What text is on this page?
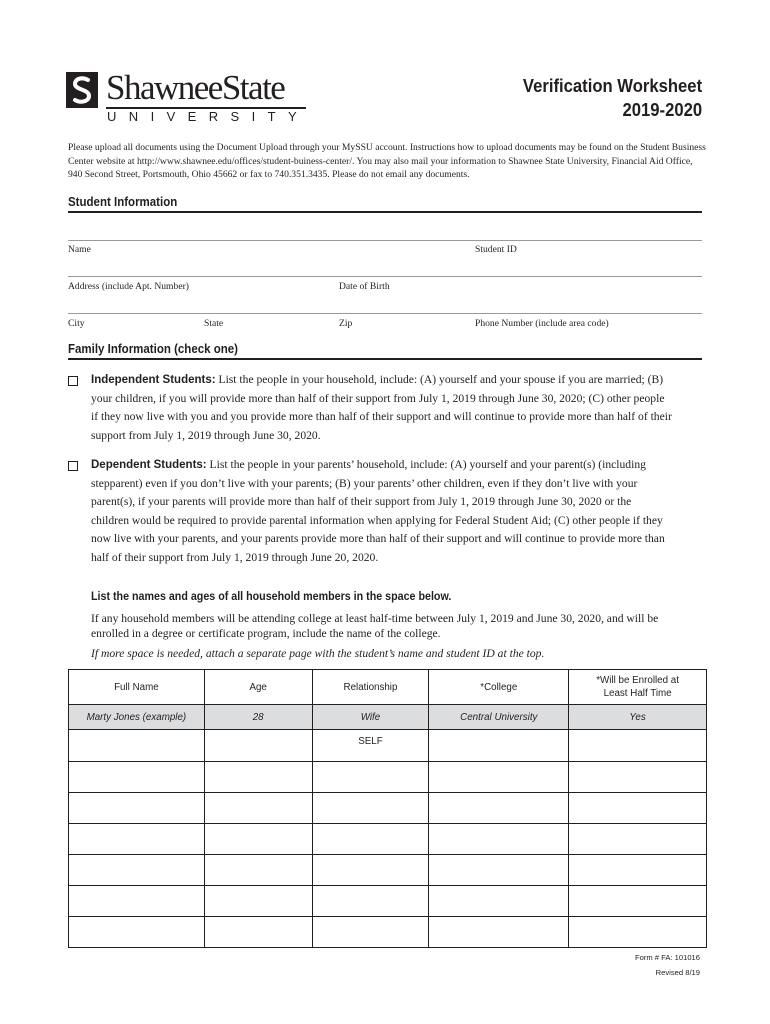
ShawneeState
UNIVERSITY
Verification Worksheet
2019-2020
Please upload all documents using the Document Upload through your MySSU account. Instructions how to upload documents may be found on the Student Business
Center website at http://www.shawnee.edu/offices/student-buiness-center/. You may also mail your information to Shawnee State University, Financial Aid Office,
940 Second Street, Portsmouth, Ohio 45662 or fax to 740.351.3435. Please do not email any documents.
Student Information
Name	Student ID
Address (include Apt. Number)	Date of Birth
City	State	Zip	Phone Number (include area code)
Family Information (check one)
Independent Students: List the people in your household, include: (A) yourself and your spouse if you are married; (B)
your children, if you will provide more than half of their support from July 1, 2019 through June 30, 2020; (C) other people
if they now live with you and you provide more than half of their support and will continue to provide more than half of their
support from July 1, 2019 through June 30, 2020.
Dependent Students: List the people in your parents’ household, include: (A) yourself and your parent(s) (including
stepparent) even if you don’t live with your parents; (B) your parents’ other children, even if they don’t live with your
parent(s), if your parents will provide more than half of their support from July 1, 2019 through June 30, 2020 or the
children would be required to provide parental information when applying for Federal Student Aid; (C) other people if they
now live with your parents, and your parents provide more than half of their support and will continue to provide more than
half of their support from July 1, 2019 through June 20, 2020.
List the names and ages of all household members in the space below.
If any household members will be attending college at least half-time between July 1, 2019 and June 30, 2020, and will be
enrolled in a degree or certificate program, include the name of the college.
If more space is needed, attach a separate page with the student’s name and student ID at the top.
Full Name	Age	Relationship	*College	*Will be Enrolled at
Least Half Time
Marty Jones (example)	28	Wife	Central University	Yes
		SELF		

Form # FA: 101016
Revised 8/19
